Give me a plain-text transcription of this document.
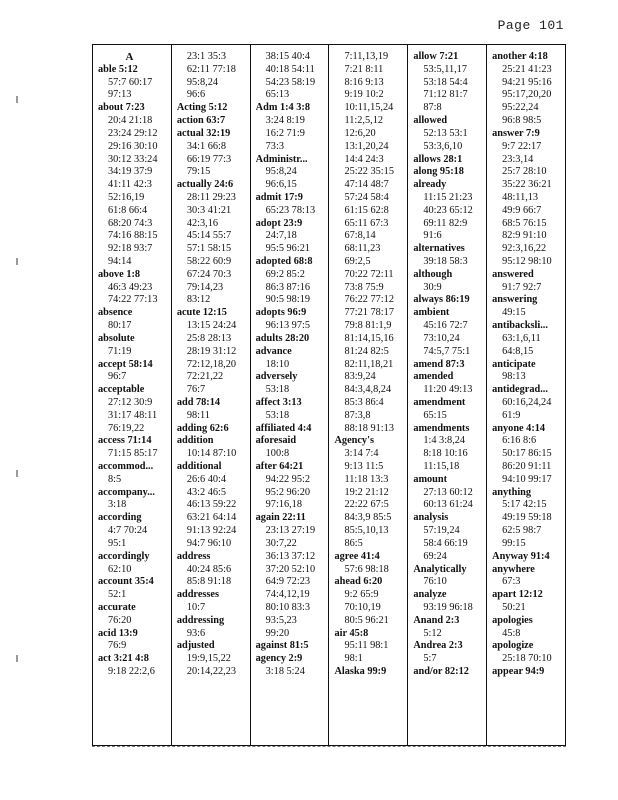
Page 101
A
able 5:12
57:7 60:17
97:13
about 7:23
20:4 21:18
23:24 29:12
29:16 30:10
30:12 33:24
34:19 37:9
41:11 42:3
52:16,19
61:8 66:4
68:20 74:3
74:16 88:15
92:18 93:7
94:14
above 1:8
46:3 49:23
74:22 77:13
absence
80:17
absolute
71:19
accept 58:14
96:7
acceptable
27:12 30:9
31:17 48:11
76:19,22
access 71:14
71:15 85:17
accommod...
8:5
accompany...
3:18
according
4:7 70:24
95:1
accordingly
62:10
account 35:4
52:1
accurate
76:20
acid 13:9
76:9
act 3:21 4:8
9:18 22:2,6
23:1 35:3
62:11 77:18
95:8,24
96:6
Acting 5:12
action 63:7
actual 32:19
34:1 66:8
66:19 77:3
79:15
actually 24:6
28:11 29:23
30:3 41:21
42:3,16
45:14 55:7
57:1 58:15
58:22 60:9
67:24 70:3
79:14,23
83:12
acute 12:15
13:15 24:24
25:8 28:13
28:19 31:12
72:12,18,20
72:21,22
76:7
add 78:14
98:11
adding 62:6
addition
10:14 87:10
additional
26:6 40:4
43:2 46:5
46:13 59:22
63:21 64:14
91:13 92:24
94:7 96:10
address
40:24 85:6
85:8 91:18
addresses
10:7
addressing
93:6
adjusted
19:9,15,22
20:14,22,23
38:15 40:4
40:18 54:11
54:23 58:19
65:13
Adm 1:4 3:8
3:24 8:19
16:2 71:9
73:3
Administr...
95:8,24
96:6,15
admit 17:9
65:23 78:13
adopt 23:9
24:7,18
95:5 96:21
adopted 68:8
69:2 85:2
86:3 87:16
90:5 98:19
adopts 96:9
96:13 97:5
adults 28:20
advance
18:10
adversely
53:18
affect 3:13
53:18
affiliated 4:4
aforesaid
100:8
after 64:21
94:22 95:2
95:2 96:20
97:16,18
again 22:11
23:13 27:19
30:7,22
36:13 37:12
37:20 52:10
64:9 72:23
74:4,12,19
80:10 83:3
93:5,23
99:20
against 81:5
agency 2:9
3:18 5:24
7:11,13,19
7:21 8:11
8:16 9:13
9:19 10:2
10:11,15,24
11:2,5,12
12:6,20
13:1,20,24
14:4 24:3
25:22 35:15
47:14 48:7
57:24 58:4
61:15 62:8
65:11 67:3
67:8,14
68:11,23
69:2,5
70:22 72:11
73:8 75:9
76:22 77:12
77:21 78:17
79:8 81:1,9
81:14,15,16
81:24 82:5
82:11,18,21
83:9,24
84:3,4,8,24
85:3 86:4
87:3,8
88:18 91:13
Agency's
3:14 7:4
9:13 11:5
11:18 13:3
19:2 21:12
22:22 67:5
84:3,9 85:5
85:5,10,13
86:5
agree 41:4
57:6 98:18
ahead 6:20
9:2 65:9
70:10,19
80:5 96:21
air 45:8
95:11 98:1
98:1
Alaska 99:9
allow 7:21
53:5,11,17
53:18 54:4
71:12 81:7
87:8
allowed
52:13 53:1
53:3,6,10
allows 28:1
along 95:18
already
11:15 21:23
40:23 65:12
69:11 82:9
91:6
alternatives
39:18 58:3
although
30:9
always 86:19
ambient
45:16 72:7
73:10,24
74:5,7 75:1
amend 87:3
amended
11:20 49:13
amendment
65:15
amendments
1:4 3:8,24
8:18 10:16
11:15,18
amount
27:13 60:12
60:13 61:24
analysis
57:19,24
58:4 66:19
69:24
Analytically
76:10
analyze
93:19 96:18
Anand 2:3
5:12
Andrea 2:3
5:7
and/or 82:12
another 4:18
25:21 41:23
94:21 95:16
95:17,20,20
95:22,24
96:8 98:5
answer 7:9
9:7 22:17
23:3,14
25:7 28:10
35:22 36:21
48:11,13
49:9 66:7
68:5 76:15
82:9 91:10
92:3,16,22
95:12 98:10
answered
91:7 92:7
answering
49:15
antibacksli...
63:1,6,11
64:8,15
anticipate
98:13
antidegrad...
60:16,24,24
61:9
anyone 4:14
6:16 8:6
50:17 86:15
86:20 91:11
94:10 99:17
anything
5:17 42:15
49:19 59:18
62:5 98:7
99:15
Anyway 91:4
anywhere
67:3
apart 12:12
50:21
apologies
45:8
apologize
25:18 70:10
appear 94:9
